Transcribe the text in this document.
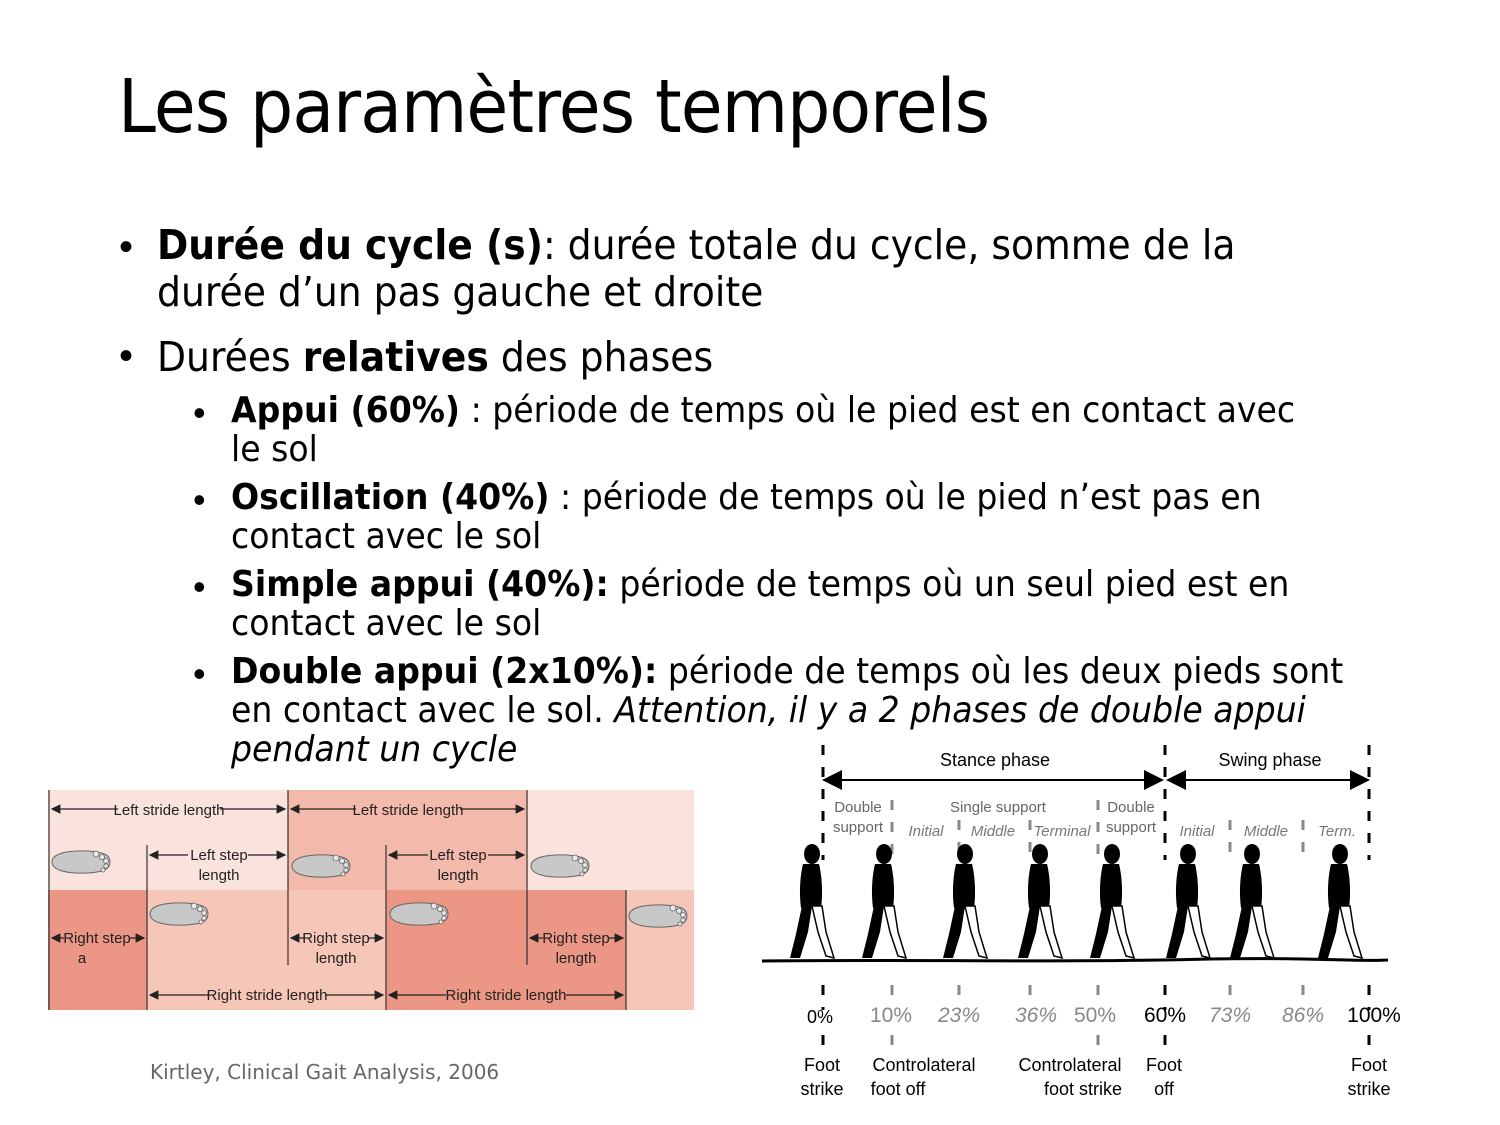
Les paramètres temporels
• Durée du cycle (s): durée totale du cycle, somme de la
durée d’un pas gauche et droite

• Durées relatives des phases

• Appui (60%) : période de temps où le pied est en contact avec
le sol

• Oscillation (40%) : période de temps où le pied n’est pas en
contact avec le sol

• Simple appui (40%): période de temps où un seul pied est en
contact avec le sol

• Double appui (2x10%): période de temps où les deux pieds sont
en contact avec le sol. Attention, il y a 2 phases de double appui
pendant un cycle

Left stride length	Left stride length
Left step
length
Left step
length
Right step
a
Right step
length
Right step
length
Right stride length	Right stride length

Kirtley, Clinical Gait Analysis, 2006

Stance phase	Swing phase
Double
support
Single support	Double
support
Initial Middle Terminal	Initial Middle Term.
0% 10% 23% 36% 50% 60% 73% 86% 100%
Foot
strike
Controlateral
foot off
Controlateral
foot strike
Foot
off
Foot
strike
